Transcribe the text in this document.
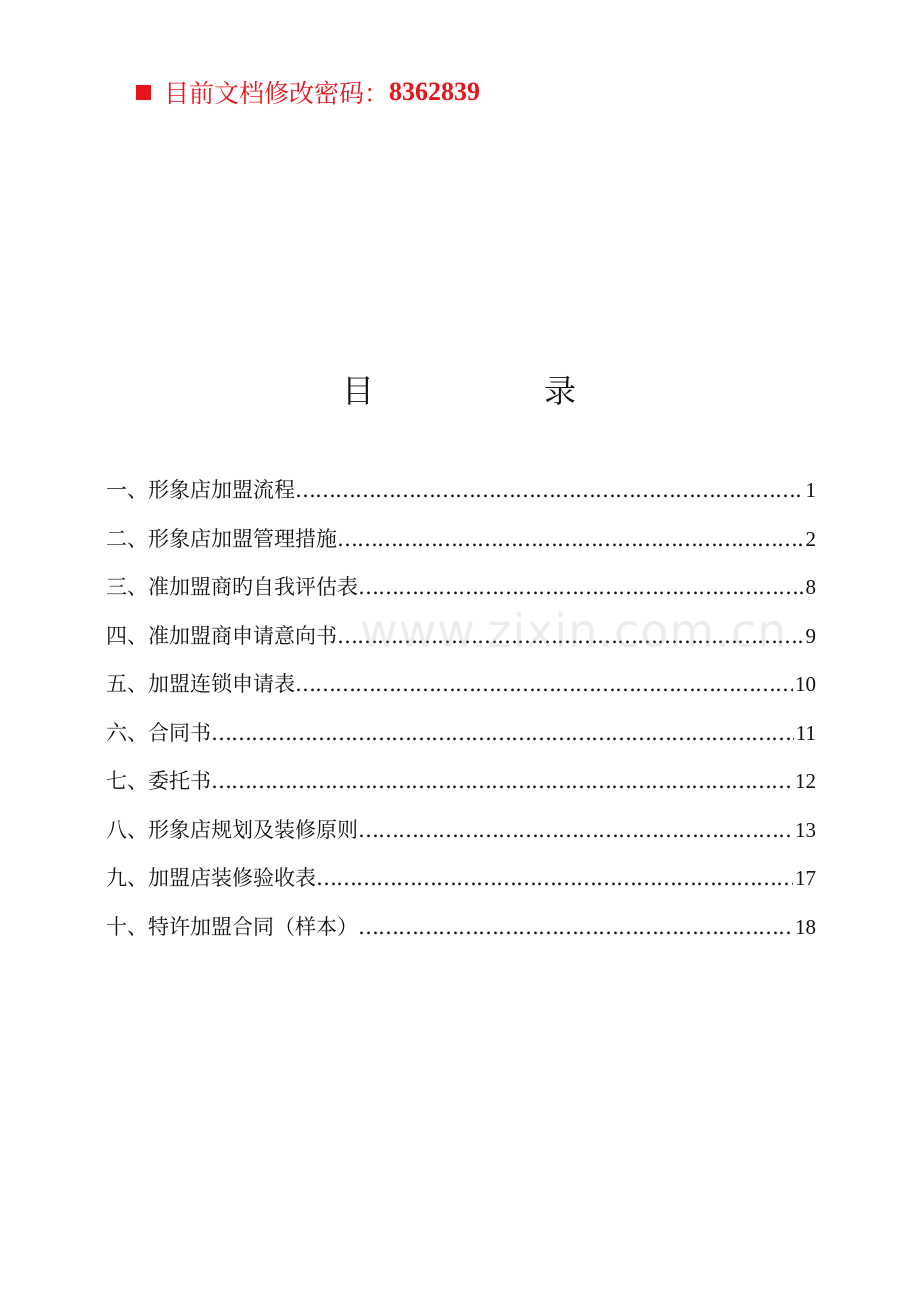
目前文档修改密码： 8362839
目	录
一、形象店加盟流程 ……………………………………………………………………………………………………………………………………………………………………	1
二、形象店加盟管理措施 ……………………………………………………………………………………………………………………………………………………………………	2
三、准加盟商旳自我评估表 ……………………………………………………………………………………………………………………………………………………………………	8
四、准加盟商申请意向书 ……………………………………………………………………………………………………………………………………………………………………	9
五、加盟连锁申请表 ……………………………………………………………………………………………………………………………………………………………………	10
六、合同书 ……………………………………………………………………………………………………………………………………………………………………	11
七、委托书 ……………………………………………………………………………………………………………………………………………………………………	12
八、形象店规划及装修原则 ……………………………………………………………………………………………………………………………………………………………………	13
九、加盟店装修验收表 ……………………………………………………………………………………………………………………………………………………………………	17
十、特许加盟合同（样本） ……………………………………………………………………………………………………………………………………………………………………	18
www.zixin.com.cn
